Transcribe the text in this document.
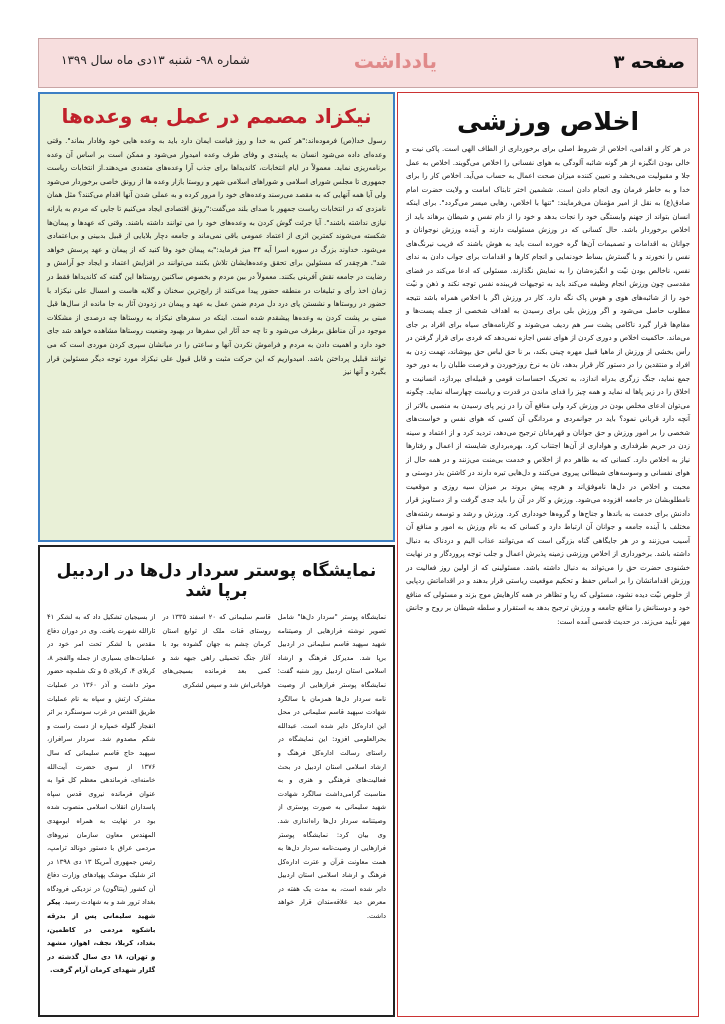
صفحه ۳
یادداشت
شماره ۹۸- شنبه ۱۳دی ماه سال ۱۳۹۹
اخلاص ورزشی

در هر کار و اقدامی، اخلاص از شروط اصلی برای برخورداری از الطاف الهی است. پاکی نیت و خالی بودن انگیزه از هر گونه شائبه آلودگی به هوای نفسانی را اخلاص می‌گویند. اخلاص به عمل جلا و مقبولیت می‌بخشد و تعیین کننده میزان صحت اعمال به حساب می‌آید. اخلاص کار را برای خدا و به خاطر فرمان وی انجام دادن است. ششمین اختر تابناک امامت و ولایت حضرت امام صادق(ع) به نقل از امیر مؤمنان می‌فرمایند: "تنها با اخلاص، رهایی میسر می‌گردد". برای اینکه انسان بتواند از جهنم وابستگی خود را نجات بدهد و خود را از دام نفس و شیطان برهاند باید از اخلاص برخوردار باشد. حال کسانی که در ورزش مسئولیت دارند و آینده ورزش نوجوانان و جوانان به اقدامات و تصمیمات آن‌ها گره خورده است باید به هوش باشند که فریب نیرنگ‌های نفس را نخورند و با گسترش بساط خودنمایی و انجام کارها و اقدامات برای جواب دادن به ندای نفس، ناخالص بودن نیّت و انگیزه‌شان را به نمایش نگذارند. مسئولی که ادعا می‌کند در فضای مقدسی چون ورزش انجام وظیفه می‌کند باید به توجیهات فریبنده نفس توجه نکند و ذهن و نیّت خود را از شائبه‌های هوی و هوس پاک نگه دارد. کار در ورزش اگر با اخلاص همراه باشد نتیجه مطلوب حاصل می‌شود و اگر ورزش بلی برای رسیدن به اهداف شخصی از جمله پست‌ها و مقام‌ها قرار گیرد ناکامی پشت سر هم ردیف می‌شوند و کارنامه‌های سیاه برای افراد بر جای می‌ماند. حاکمیت اخلاص و دوری کردن از هوای نفس اجازه نمی‌دهد که فردی برای قرار گرفتن در رأس بخشی از ورزش از ماهیا قبیل مهره چینی بکند، بر نا حق لباس حق بپوشاند، تهمت زدن به افراد و منتقدین را در دستور کار قرار بدهد، نان به نرخ روزخوردن و فرصت طلبان را به دور خود جمع نماید، جنگ زرگری بدراه اندازد، به تحریک احساسات قومی و قبیله‌ای بپردازد، انسانیت و اخلاق را در زیر پاها له نماید و همه چیز را فدای ماندن در قدرت و ریاست چهارساله نماید. چگونه می‌توان ادعای مخلص بودن در ورزش کرد ولی منافع آن را در زیر پای رسیدن به منصبی بالاتر از آنچه دارد قربانی نمود؟ باید در جوانمردی و مردانگی آن کسی که هوای نفس و خواست‌های شخصی را بر امور ورزش و حق جوانان و قهرمانان ترجیح می‌دهد، تردید کرد و از اعتماد و سینه زدن در حریم طرفداری و هواداری از آن‌ها اجتناب کرد. بهره‌برداری شایسته از اعمال و رفتارها نیاز به اخلاص دارد. کسانی که به ظاهر دم از اخلاص و خدمت بی‌منت می‌زنند و در همه حال از هوای نفسانی و وسوسه‌های شیطانی پیروی می‌کنند و دل‌هایی تیره دارند در کاشتن بذر دوستی و محبت و اخلاص در دل‌ها ناموفق‌اند و هرچه پیش بروند بر میزان سیه روزی و موقعیت نامطلوبشان در جامعه افزوده می‌شود. ورزش و کار در آن را باید جدی گرفت و از دستاویز قرار دادنش برای خدمت به باندها و جناح‌ها و گروه‌ها خودداری کرد. ورزش و رشد و توسعه رشته‌های مختلف با آینده جامعه و جوانان آن ارتباط دارد و کسانی که به نام ورزش به امور و منافع آن آسیب می‌زنند و در هر جایگاهی گناه بزرگی است که می‌توانند عذاب الیم و دردناک به دنبال داشته باشد. برخورداری از اخلاص ورزشی زمینه پذیرش اعمال و جلب توجه پروردگار و در نهایت خشنودی حضرت حق را می‌تواند به دنبال داشته باشد. مسئولینی که از اولین روز فعالیت در ورزش اقداماتشان را بر اساس حفظ و تحکیم موقعیت ریاستی قرار بدهند و در اقداماتش ردپایی از خلوص نیّت دیده نشود، مسئولی که ریا و تظاهر در همه کارهایش موج بزند و مسئولی که منافع خود و دوستانش را منافع جامعه و ورزش ترجیح بدهد به استقرار و سلطه شیطان بر روح و جانش مهر تأیید می‌زند. در حدیث قدسی آمده است:

نیکزاد مصمم در عمل به وعده‌ها

رسول خدا(ص) فرموده‌اند:"هر کس به خدا و روز قیامت ایمان دارد باید به وعده هایی خود وفادار بماند". وقتی وعده‌ای داده می‌شود انسان به پایبندی و وفای طرف وعده امیدوار می‌شود و ممکن است بر اساس آن وعده برنامه‌ریزی نماید. معمولاً در ایام انتخابات، کاندیداها برای جذب آرا وعده‌های متعددی می‌دهند.از انتخابات ریاست جمهوری تا مجلس شورای اسلامی و شوراهای اسلامی شهر و روستا بازار وعده ها از رونق خاصی برخوردار می‌شود ولی آیا همه آنهایی که به مقصد می‌رسند وعده‌های خود را مرور کرده و به عملی شدن آنها اقدام می‌کنند؟ مثل همان نامزدی که در انتخابات ریاست جمهور با صدای بلند می‌گفت:"رونق اقتصادی ایجاد می‌کنیم تا جایی که مردم به یارانه نیازی نداشته باشند". آیا جرئت گوش کردن به وعده‌های خود را می‌ توانند داشته باشند. وقتی که عهدها و پیمان‌ها شکسته می‌شوند کمترین اثری از اعتماد عمومی باقی نمی‌ماند و جامعه دچار بلایایی از قبیل بدبینی و بی‌اعتمادی می‌شود. خداوند بزرگ در سوره اسرا آیه ۳۴ میز فرماید:"به پیمان خود وفا کنید که از پیمان و عهد پرسش خواهد شد". هرچقدر که مسئولین برای تحقق وعده‌هایشان تلاش بکنند می‌توانند در افزایش اعتماد و ایجاد جو آرامش و رضایت در جامعه نقش آفرینی بکنند. معمولاً در بین مردم و بخصوص ساکنین روستاها این گفته که کاندیداها فقط در زمان اخذ رأی و تبلیغات در منطقه حضور پیدا می‌کنند از رایج‌ترین سخنان و گلایه هاست و امسال علی نیکزاد با حضور در روستاها و نشستن پای درد دل مردم ضمن عمل به عهد و پیمان در زدودن آثار به جا مانده از سال‌ها قبل مبنی بر پشت کردن به وعده‌ها پیشقدم شده است. اینکه در سفرهای نیکزاد به روستاها چه درصدی از مشکلات موجود در آن مناطق برطرف می‌شود و تا چه حد آثار این سفرها در بهبود وضعیت روستاها مشاهده خواهد شد جای خود دارد و اهمیت دادن به مردم و فراموش نکردن آنها و ساعتی را در میانشان سپری کردن موردی است که می توانند قبلیل پرداختن باشد. امیدواریم که این حرکت مثبت و قابل قبول علی نیکزاد مورد توجه دیگر مسئولین قرار بگیرد و آنها نیز

نمایشگاه پوستر سردار دل‌ها در اردبیل برپا شد
نمایشگاه پوستر "سردار دل‌ها" شامل تصویر نوشته فرازهایی از وصیتنامه شهید سپهبد قاسم سلیمانی در اردبیل برپا شد. مدیرکل فرهنگ و ارشاد اسلامی استان اردبیل روز شنبه گفت: نمایشگاه پوستر فرازهایی از وصیت نامه سردار دل‌ها همزمان با سالگرد شهادت سپهبد قاسم سلیمانی در محل این اداره‌کل دایر شده است. عبدالله بحرالعلومی افزود: این نمایشگاه در راستای رسالت اداره‌کل فرهنگ و ارشاد اسلامی استان اردبیل در بحث فعالیت‌های فرهنگی و هنری و به مناسبت گرامی‌داشت سالگرد شهادت شهید سلیمانی به صورت پوستری از وصیتنامه سردار دل‌ها راه‌اندازی شد. وی بیان کرد: نمایشگاه پوستر فرازهایی از وصیت‌نامه سردار دل‌ها به همت معاونت قرآن و عترت اداره‌کل فرهنگ و ارشاد اسلامی استان اردبیل دایر شده است، به مدت یک هفته در معرض دید علاقه‌مندان قرار خواهد داشت.
قاسم سلیمانی که ۲۰ اسفند ۱۳۳۵ در روستای قنات ملک از توابع استان کرمان چشم به جهان گشوده بود با آغاز جنگ تحمیلی راهی جبهه شد و کمی بعد فرمانده بسیجی‌های هوابانی‌اش شد و سپس لشکری
از بسیجیان تشکیل داد که به لشکر ۴۱ ثارالله شهرت یافت. وی در دوران دفاع مقدس با لشکر تحت امر خود در عملیات‌های بسیاری از جمله والفجر ۸، کربلای ۴، کربلای ۵ و تک شلمچه حضور موثر داشت و آذر ۱۳۶۰ در عملیات مشترک ارتش و سپاه به نام عملیات طریق القدس در غرب سوسنگرد بر اثر انفجار گلوله خمپاره از دست راست و شکم مصدوم شد. سردار سرافراز، سپهبد حاج قاسم سلیمانی که سال ۱۳۷۶ از سوی حضرت آیت‌الله خامنه‌ای، فرماندهی معظم کل قوا به عنوان فرمانده نیروی قدس سپاه پاسداران انقلاب اسلامی منصوب شده بود در نهایت به همراه ابومهدی المهندس معاون سازمان نیروهای مردمی عراق با دستور دونالد ترامپ، رئیس جمهوری آمریکا ۱۳ دی ۱۳۹۸ در اثر شلیک موشک پهپادهای وزارت دفاع آن کشور (پنتاگون) در نزدیکی فرودگاه بغداد ترور شد و به شهادت رسید. پیکر شهید سلیمانی پس از بدرقه باشکوه مردمی در کاظمین، بغداد، کربلا، نجف، اهواز، مشهد و تهران، ۱۸ دی سال گذشته در گلزار شهدای کرمان آرام گرفت.
